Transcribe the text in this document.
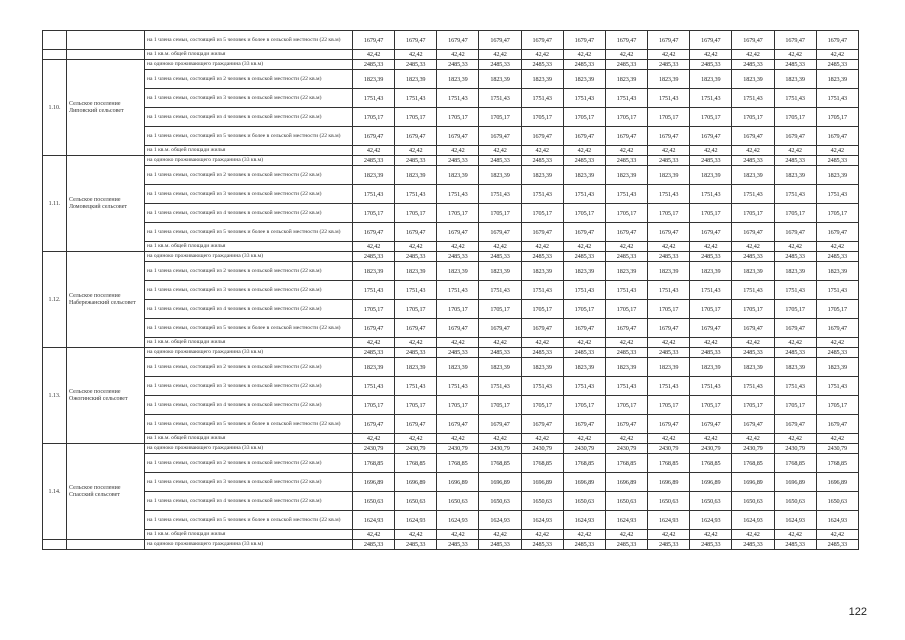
		на 1 члена семьи, состоящей из 5 человек и более в сельской местности (22 кв.м)	1679,47	1679,47	1679,47	1679,47	1679,47	1679,47	1679,47	1679,47	1679,47	1679,47	1679,47	1679,47
		на 1 кв.м. общей площади жилья	42,42	42,42	42,42	42,42	42,42	42,42	42,42	42,42	42,42	42,42	42,42	42,42
1.10.	Сельское поселение Липовский сельсовет	на одиноко проживающего гражданина (33 кв.м)	2485,33	2485,33	2485,33	2485,33	2485,33	2485,33	2485,33	2485,33	2485,33	2485,33	2485,33	2485,33
		на 1 члена семьи, состоящей из 2 человек в сельской местности (22 кв.м)	1823,39	1823,39	1823,39	1823,39	1823,39	1823,39	1823,39	1823,39	1823,39	1823,39	1823,39	1823,39
		на 1 члена семьи, состоящей из 3 человек в сельской местности (22 кв.м)	1751,43	1751,43	1751,43	1751,43	1751,43	1751,43	1751,43	1751,43	1751,43	1751,43	1751,43	1751,43
		на 1 члена семьи, состоящей из 4 человек в сельской местности (22 кв.м)	1705,17	1705,17	1705,17	1705,17	1705,17	1705,17	1705,17	1705,17	1705,17	1705,17	1705,17	1705,17
		на 1 члена семьи, состоящей из 5 человек и более в сельской местности (22 кв.м)	1679,47	1679,47	1679,47	1679,47	1679,47	1679,47	1679,47	1679,47	1679,47	1679,47	1679,47	1679,47
		на 1 кв.м. общей площади жилья	42,42	42,42	42,42	42,42	42,42	42,42	42,42	42,42	42,42	42,42	42,42	42,42
1.11.	Сельское поселение Ломовецкий сельсовет	на одиноко проживающего гражданина (33 кв.м)	2485,33	2485,33	2485,33	2485,33	2485,33	2485,33	2485,33	2485,33	2485,33	2485,33	2485,33	2485,33
		на 1 члена семьи, состоящей из 2 человек в сельской местности (22 кв.м)	1823,39	1823,39	1823,39	1823,39	1823,39	1823,39	1823,39	1823,39	1823,39	1823,39	1823,39	1823,39
		на 1 члена семьи, состоящей из 3 человек в сельской местности (22 кв.м)	1751,43	1751,43	1751,43	1751,43	1751,43	1751,43	1751,43	1751,43	1751,43	1751,43	1751,43	1751,43
		на 1 члена семьи, состоящей из 4 человек в сельской местности (22 кв.м)	1705,17	1705,17	1705,17	1705,17	1705,17	1705,17	1705,17	1705,17	1705,17	1705,17	1705,17	1705,17
		на 1 члена семьи, состоящей из 5 человек и более в сельской местности (22 кв.м)	1679,47	1679,47	1679,47	1679,47	1679,47	1679,47	1679,47	1679,47	1679,47	1679,47	1679,47	1679,47
		на 1 кв.м. общей площади жилья	42,42	42,42	42,42	42,42	42,42	42,42	42,42	42,42	42,42	42,42	42,42	42,42
1.12.	Сельское поселение Набережанский сельсовет	на одиноко проживающего гражданина (33 кв.м)	2485,33	2485,33	2485,33	2485,33	2485,33	2485,33	2485,33	2485,33	2485,33	2485,33	2485,33	2485,33
		на 1 члена семьи, состоящей из 2 человек в сельской местности (22 кв.м)	1823,39	1823,39	1823,39	1823,39	1823,39	1823,39	1823,39	1823,39	1823,39	1823,39	1823,39	1823,39
		на 1 члена семьи, состоящей из 3 человек в сельской местности (22 кв.м)	1751,43	1751,43	1751,43	1751,43	1751,43	1751,43	1751,43	1751,43	1751,43	1751,43	1751,43	1751,43
		на 1 члена семьи, состоящей из 4 человек в сельской местности (22 кв.м)	1705,17	1705,17	1705,17	1705,17	1705,17	1705,17	1705,17	1705,17	1705,17	1705,17	1705,17	1705,17
		на 1 члена семьи, состоящей из 5 человек и более в сельской местности (22 кв.м)	1679,47	1679,47	1679,47	1679,47	1679,47	1679,47	1679,47	1679,47	1679,47	1679,47	1679,47	1679,47
		на 1 кв.м. общей площади жилья	42,42	42,42	42,42	42,42	42,42	42,42	42,42	42,42	42,42	42,42	42,42	42,42
1.13.	Сельское поселение Ожогинский сельсовет	на одиноко проживающего гражданина (33 кв.м)	2485,33	2485,33	2485,33	2485,33	2485,33	2485,33	2485,33	2485,33	2485,33	2485,33	2485,33	2485,33
		на 1 члена семьи, состоящей из 2 человек в сельской местности (22 кв.м)	1823,39	1823,39	1823,39	1823,39	1823,39	1823,39	1823,39	1823,39	1823,39	1823,39	1823,39	1823,39
		на 1 члена семьи, состоящей из 3 человек в сельской местности (22 кв.м)	1751,43	1751,43	1751,43	1751,43	1751,43	1751,43	1751,43	1751,43	1751,43	1751,43	1751,43	1751,43
		на 1 члена семьи, состоящей из 4 человек в сельской местности (22 кв.м)	1705,17	1705,17	1705,17	1705,17	1705,17	1705,17	1705,17	1705,17	1705,17	1705,17	1705,17	1705,17
		на 1 члена семьи, состоящей из 5 человек и более в сельской местности (22 кв.м)	1679,47	1679,47	1679,47	1679,47	1679,47	1679,47	1679,47	1679,47	1679,47	1679,47	1679,47	1679,47
		на 1 кв.м. общей площади жилья	42,42	42,42	42,42	42,42	42,42	42,42	42,42	42,42	42,42	42,42	42,42	42,42
1.14.	Сельское поселение Спасский сельсовет	на одиноко проживающего гражданина (33 кв.м)	2430,79	2430,79	2430,79	2430,79	2430,79	2430,79	2430,79	2430,79	2430,79	2430,79	2430,79	2430,79
		на 1 члена семьи, состоящей из 2 человек в сельской местности (22 кв.м)	1768,85	1768,85	1768,85	1768,85	1768,85	1768,85	1768,85	1768,85	1768,85	1768,85	1768,85	1768,85
		на 1 члена семьи, состоящей из 3 человек в сельской местности (22 кв.м)	1696,89	1696,89	1696,89	1696,89	1696,89	1696,89	1696,89	1696,89	1696,89	1696,89	1696,89	1696,89
		на 1 члена семьи, состоящей из 4 человек в сельской местности (22 кв.м)	1650,63	1650,63	1650,63	1650,63	1650,63	1650,63	1650,63	1650,63	1650,63	1650,63	1650,63	1650,63
		на 1 члена семьи, состоящей из 5 человек и более в сельской местности (22 кв.м)	1624,93	1624,93	1624,93	1624,93	1624,93	1624,93	1624,93	1624,93	1624,93	1624,93	1624,93	1624,93
		на 1 кв.м. общей площади жилья	42,42	42,42	42,42	42,42	42,42	42,42	42,42	42,42	42,42	42,42	42,42	42,42
		на одиноко проживающего гражданина (33 кв.м)	2485,33	2485,33	2485,33	2485,33	2485,33	2485,33	2485,33	2485,33	2485,33	2485,33	2485,33	2485,33
122
